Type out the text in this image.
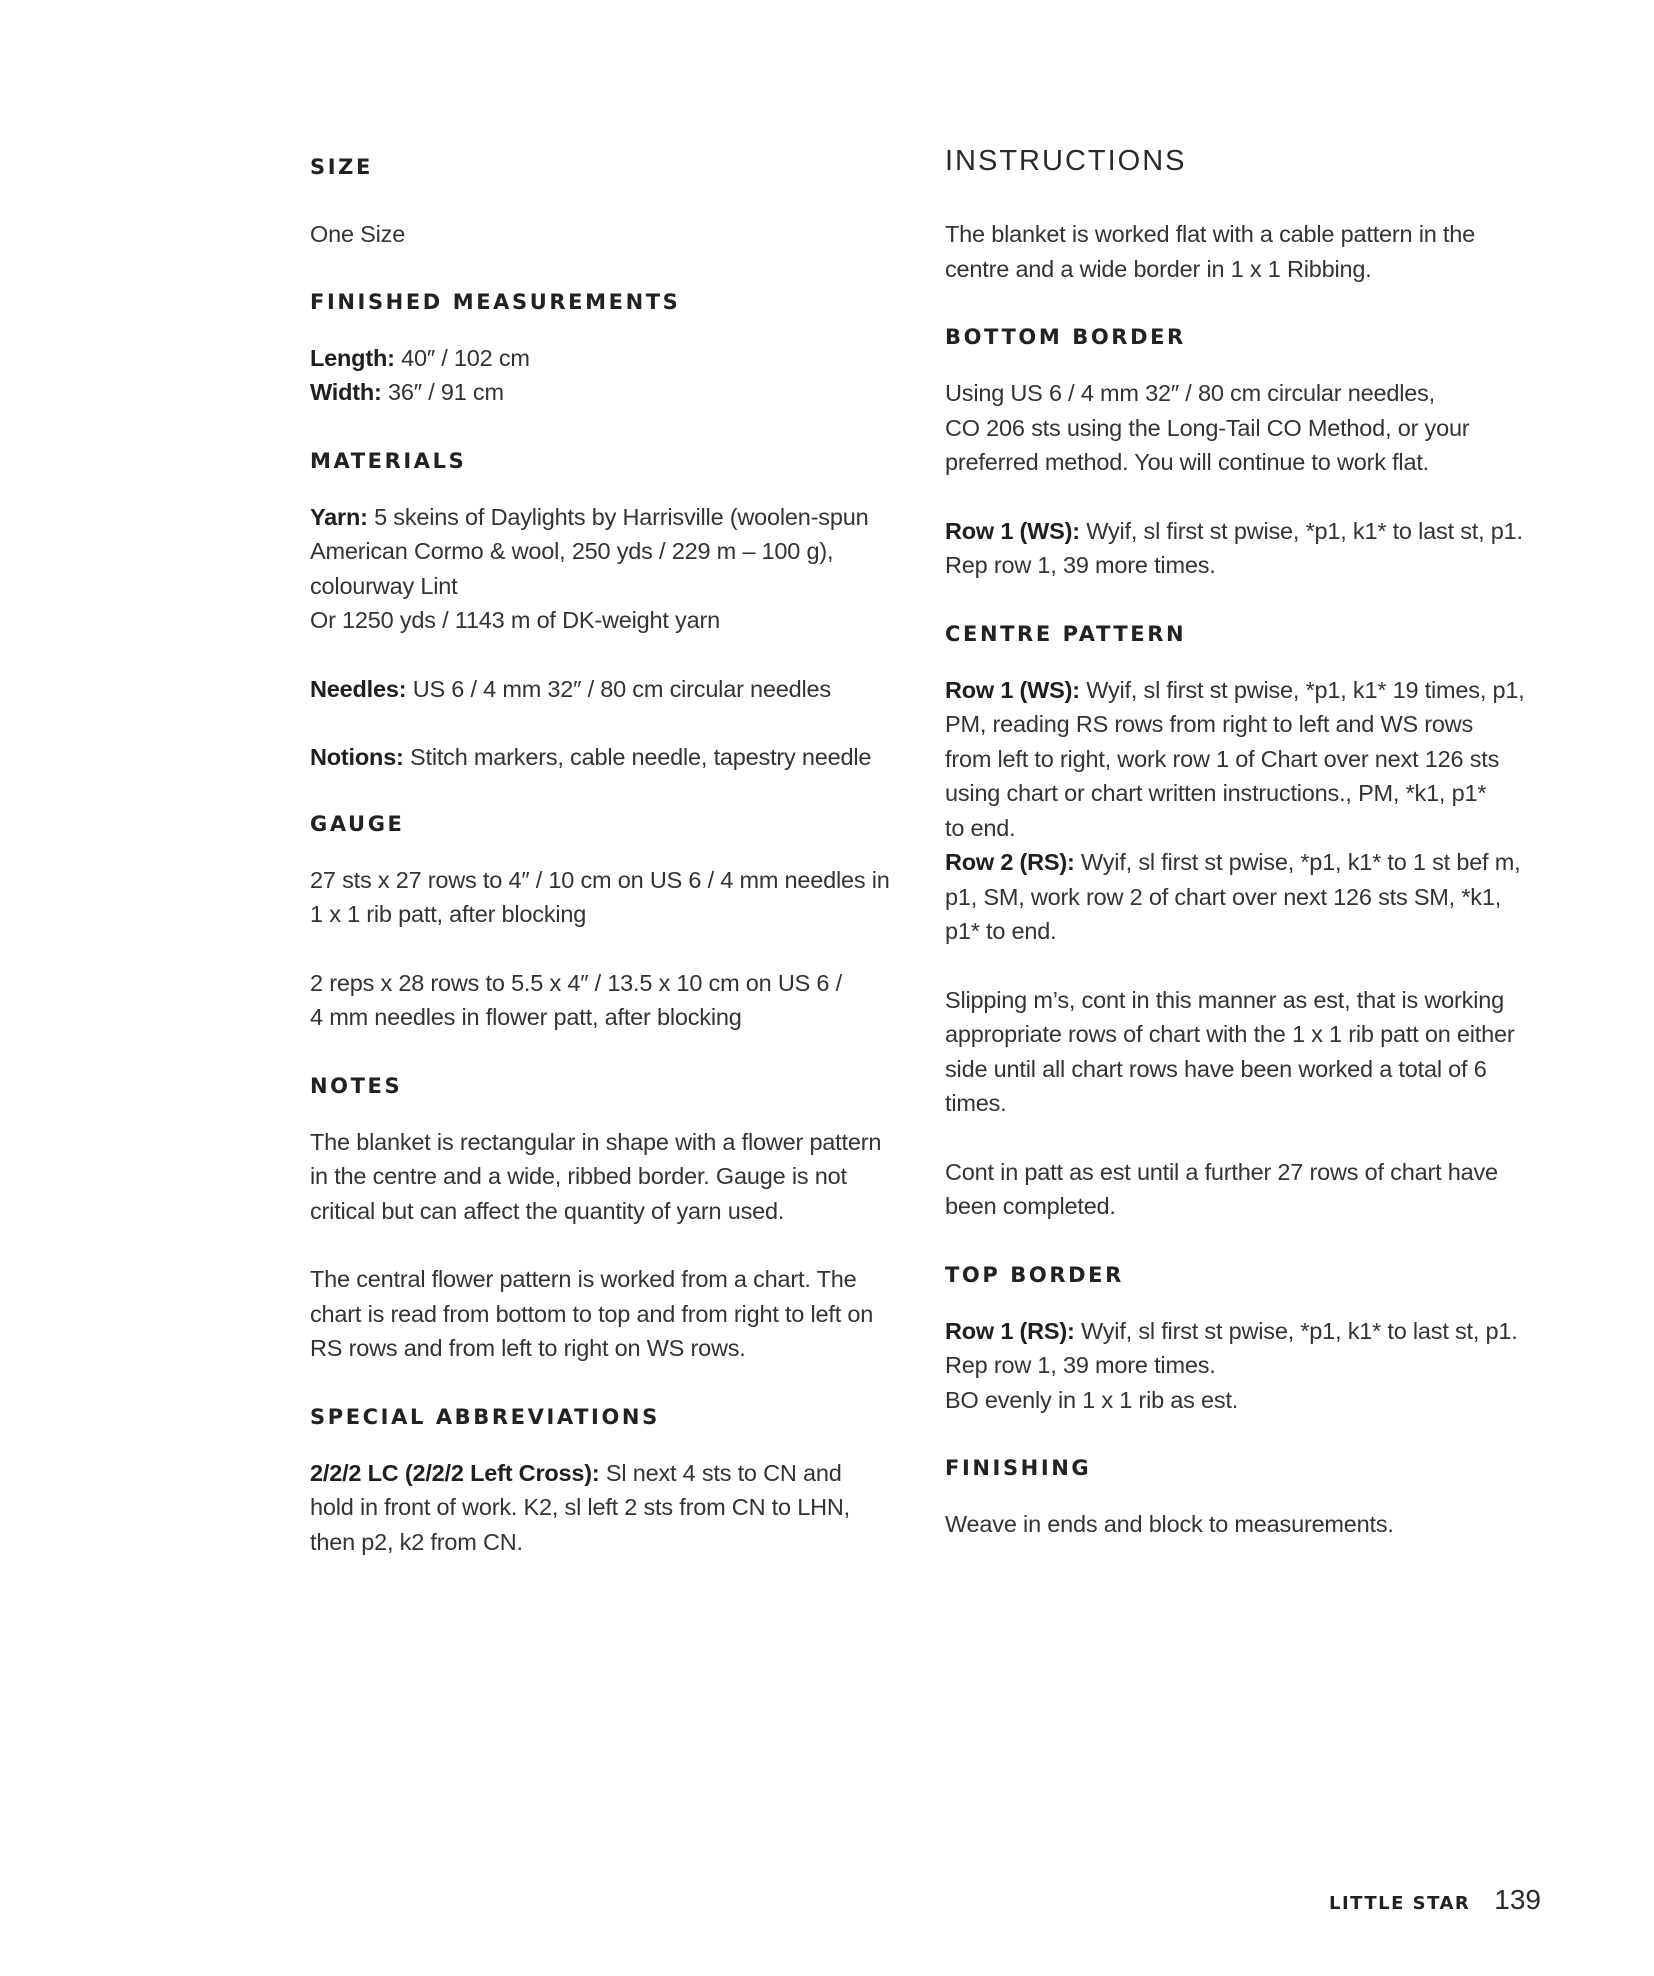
SIZE

One Size

FINISHED MEASUREMENTS

Length: 40″ / 102 cm

Width: 36″ / 91 cm

MATERIALS

Yarn: 5 skeins of Daylights by Harrisville (woolen-spun

American Cormo & wool, 250 yds / 229 m – 100 g),

colourway Lint

Or 1250 yds / 1143 m of DK-weight yarn

Needles: US 6 / 4 mm 32″ / 80 cm circular needles

Notions: Stitch markers, cable needle, tapestry needle

GAUGE

27 sts x 27 rows to 4″ / 10 cm on US 6 / 4 mm needles in

1 x 1 rib patt, after blocking

2 reps x 28 rows to 5.5 x 4″ / 13.5 x 10 cm on US 6 /

4 mm needles in flower patt, after blocking

NOTES

The blanket is rectangular in shape with a flower pattern

in the centre and a wide, ribbed border. Gauge is not

critical but can affect the quantity of yarn used.

The central flower pattern is worked from a chart. The

chart is read from bottom to top and from right to left on

RS rows and from left to right on WS rows.

SPECIAL ABBREVIATIONS

2/2/2 LC (2/2/2 Left Cross): Sl next 4 sts to CN and

hold in front of work. K2, sl left 2 sts from CN to LHN,

then p2, k2 from CN.

INSTRUCTIONS

The blanket is worked flat with a cable pattern in the

centre and a wide border in 1 x 1 Ribbing.

BOTTOM BORDER

Using US 6 / 4 mm 32″ / 80 cm circular needles,

CO 206 sts using the Long-Tail CO Method, or your

preferred method. You will continue to work flat.

Row 1 (WS): Wyif, sl first st pwise, *p1, k1* to last st, p1.

Rep row 1, 39 more times.

CENTRE PATTERN

Row 1 (WS): Wyif, sl first st pwise, *p1, k1* 19 times, p1,

PM, reading RS rows from right to left and WS rows

from left to right, work row 1 of Chart over next 126 sts

using chart or chart written instructions., PM, *k1, p1*

to end.

Row 2 (RS): Wyif, sl first st pwise, *p1, k1* to 1 st bef m,

p1, SM, work row 2 of chart over next 126 sts SM, *k1,

p1* to end.

Slipping m’s, cont in this manner as est, that is working

appropriate rows of chart with the 1 x 1 rib patt on either

side until all chart rows have been worked a total of 6

times.

Cont in patt as est until a further 27 rows of chart have

been completed.

TOP BORDER

Row 1 (RS): Wyif, sl first st pwise, *p1, k1* to last st, p1.

Rep row 1, 39 more times.

BO evenly in 1 x 1 rib as est.

FINISHING

Weave in ends and block to measurements.

LITTLE STAR 139
